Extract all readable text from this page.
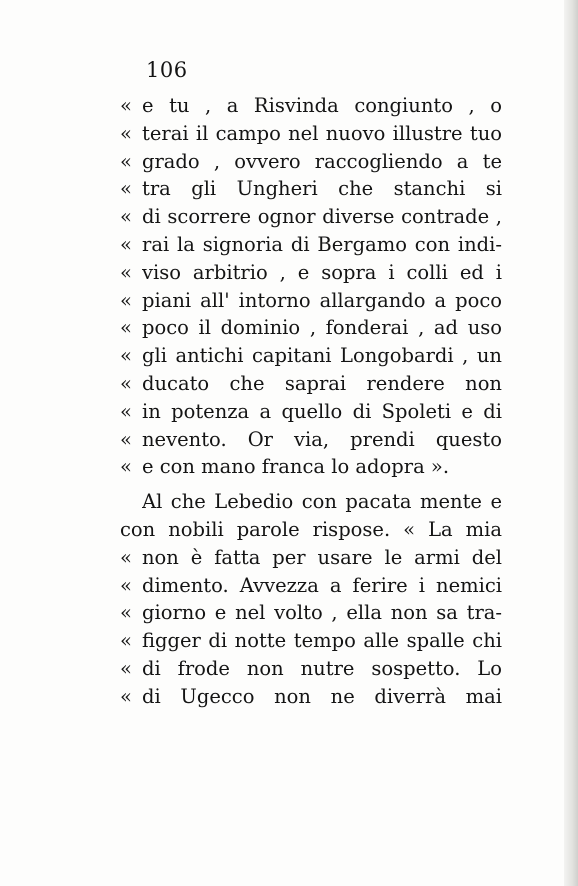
106
« e tu , a Risvinda congiunto , o
« terai il campo nel nuovo illustre tuo
« grado , ovvero raccogliendo a te
« tra gli Ungheri che stanchi si
« di scorrere ognor diverse contrade ,
« rai la signoria di Bergamo con indi-
« viso arbitrio , e sopra i colli ed i
« piani all' intorno allargando a poco
« poco il dominio , fonderai , ad uso
« gli antichi capitani Longobardi , un
« ducato che saprai rendere non
« in potenza a quello di Spoleti e di
« nevento. Or via, prendi questo
« e con mano franca lo adopra ».
Al che Lebedio con pacata mente e
con nobili parole rispose. « La mia
« non è fatta per usare le armi del
« dimento. Avvezza a ferire i nemici
« giorno e nel volto , ella non sa tra-
« figger di notte tempo alle spalle chi
« di frode non nutre sospetto. Lo
« di Ugecco non ne diverrà mai
